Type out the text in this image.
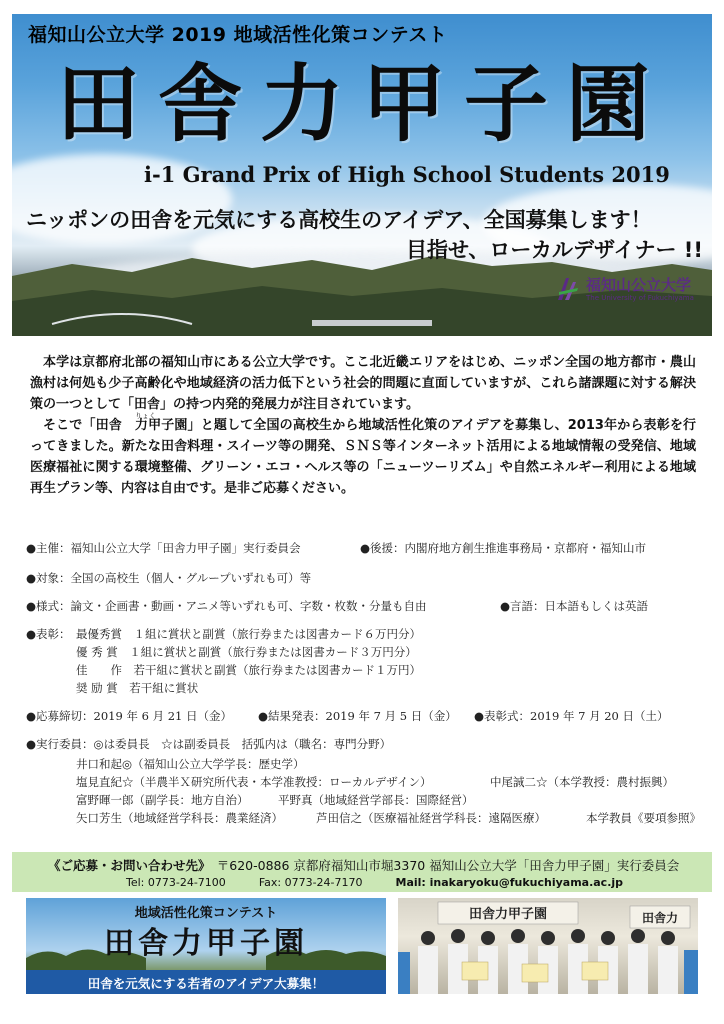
福知山公立大学 2019 地域活性化策コンテスト
田舎力甲子園
i-1 Grand Prix of High School Students 2019
ニッポンの田舎を元気にする高校生のアイデア、全国募集します！
目指せ、ローカルデザイナー !!
福知山公立大学
The University of Fukuchiyama

本学は京都府北部の福知山市にある公立大学です。ここ北近畿エリアをはじめ、ニッポン全国の地方都市・農山漁村は何処も少子高齢化や地域経済の活力低下という社会的問題に直面していますが、これら諸課題に対する解決策の一つとして「田舎」の持つ内発的発展力が注目されています。

そこで「田舎
りょく
力甲子園」と題して全国の高校生から地域活性化策のアイデアを募集し、2013年から表彰を行ってきました。新たな田舎料理・スイーツ等の開発、ＳＮＳ等インターネット活用による地域情報の受発信、地域医療福祉に関する環境整備、グリーン・エコ・ヘルス等の「ニューツーリズム」や自然エネルギー利用による地域再生プラン等、内容は自由です。是非ご応募ください。

●主催：福知山公立大学「田舎力甲子園」実行委員会	●後援：内閣府地方創生推進事務局・京都府・福知山市
●対象：全国の高校生（個人・グループいずれも可）等
●様式：論文・企画書・動画・アニメ等いずれも可、字数・枚数・分量も自由	●言語：日本語もしくは英語
●表彰： 最優秀賞　１組に賞状と副賞（旅行券または図書カード６万円分）
優 秀 賞　１組に賞状と副賞（旅行券または図書カード３万円分）
佳　　作　若干組に賞状と副賞（旅行券または図書カード１万円）
奨 励 賞　若干組に賞状
●応募締切：2019 年 6 月 21 日（金） ●結果発表：2019 年 7 月 5 日（金） ●表彰式：2019 年 7 月 20 日（土）
●実行委員：◎は委員長　☆は副委員長　括弧内は（職名：専門分野）
井口和起◎（福知山公立大学学長：歴史学）
塩見直紀☆（半農半Ｘ研究所代表・本学准教授：ローカルデザイン）	中尾誠二☆（本学教授：農村振興）
富野暉一郎（副学長：地方自治）	平野真（地域経営学部長：国際経営）
矢口芳生（地域経営学科長：農業経済）	芦田信之（医療福祉経営学科長：遠隔医療）	本学教員《要項参照》
《ご応募・お問い合わせ先》　 〒620-0886 京都府福知山市堀3370 福知山公立大学「田舎力甲子園」実行委員会
Tel: 0773-24-7100　　　	Fax: 0773-24-7170　　　	Mail: inakaryoku@fukuchiyama.ac.jp
地域活性化策コンテスト
田舎力甲子園
田舎を元気にする若者のアイデア大募集！
田舎力甲子園	田舎力
